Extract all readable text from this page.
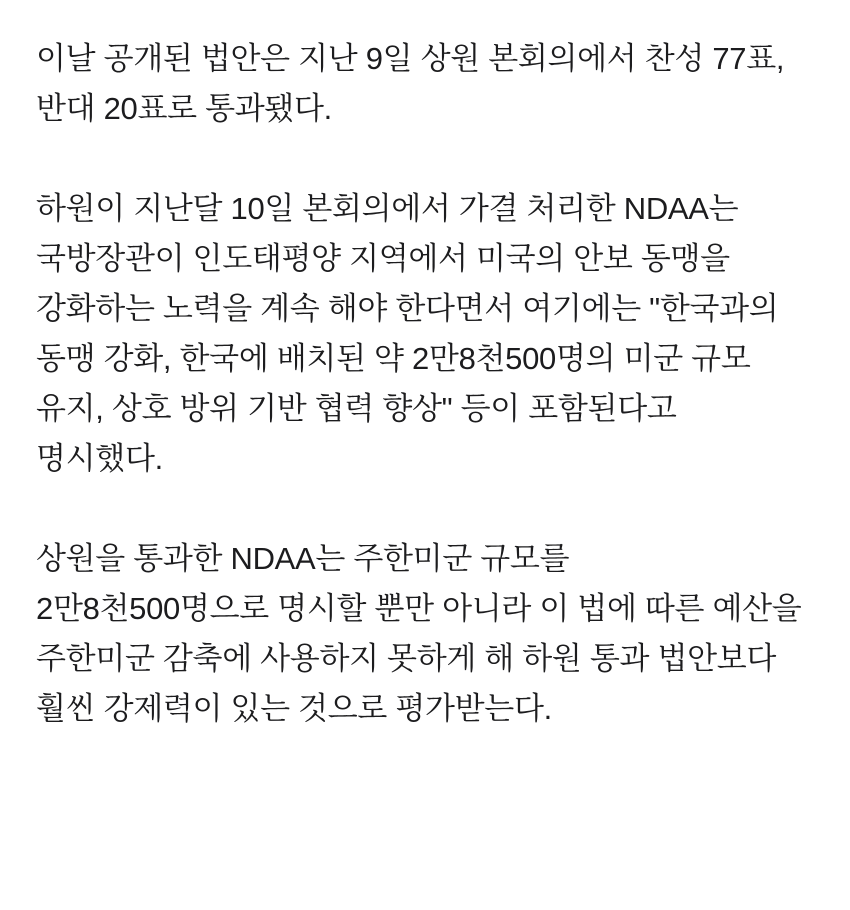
이날 공개된 법안은 지난 9일 상원 본회의에서 찬성 77표, 반대 20표로 통과됐다.

하원이 지난달 10일 본회의에서 가결 처리한 NDAA는 국방장관이 인도태평양 지역에서 미국의 안보 동맹을 강화하는 노력을 계속 해야 한다면서 여기에는 "한국과의 동맹 강화, 한국에 배치된 약 2만8천500명의 미군 규모 유지, 상호 방위 기반 협력 향상" 등이 포함된다고 명시했다.

상원을 통과한 NDAA는 주한미군 규모를 2만8천500명으로 명시할 뿐만 아니라 이 법에 따른 예산을 주한미군 감축에 사용하지 못하게 해 하원 통과 법안보다 훨씬 강제력이 있는 것으로 평가받는다.
